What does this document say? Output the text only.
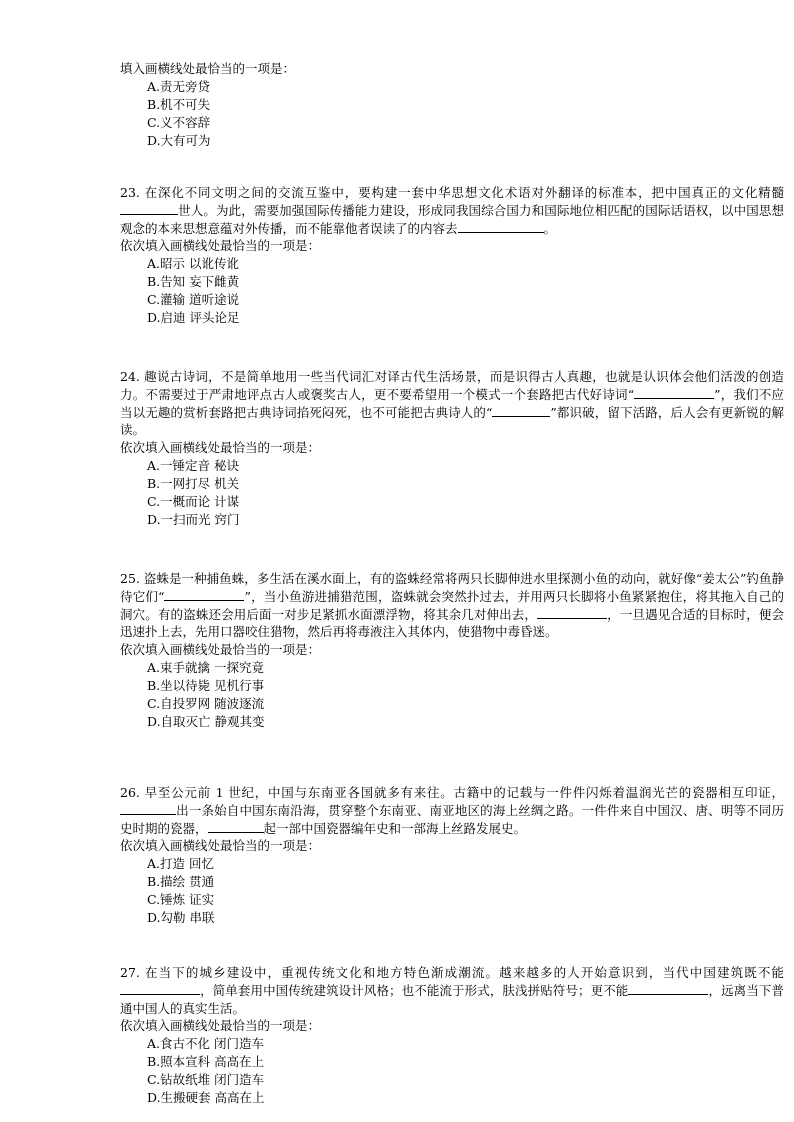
填入画横线处最恰当的一项是：
A.责无旁贷
B.机不可失
C.义不容辞
D.大有可为
23. 在深化不同文明之间的交流互鉴中，要构建一套中华思想文化术语对外翻译的标准本，把中国真正的文化精髓世人。为此，需要加强国际传播能力建设，形成同我国综合国力和国际地位相匹配的国际话语权，以中国思想观念的本来思想意蕴对外传播，而不能靠他者误读了的内容去	。
依次填入画横线处最恰当的一项是：
A.昭示 以讹传讹
B.告知 妄下雌黄
C.灌输 道听途说
D.启迪 评头论足
24. 趣说古诗词，不是简单地用一些当代词汇对译古代生活场景，而是识得古人真趣，也就是认识体会他们活泼的创造力。不需要过于严肃地评点古人或褒奖古人，更不要希望用一个模式一个套路把古代好诗词“	”，我们不应当以无趣的赏析套路把古典诗词掐死闷死，也不可能把古典诗人的“	”都识破，留下活路，后人会有更新锐的解读。
依次填入画横线处最恰当的一项是：
A.一锤定音 秘诀
B.一网打尽 机关
C.一概而论 计谋
D.一扫而光 窍门
25. 盗蛛是一种捕鱼蛛，多生活在溪水面上，有的盗蛛经常将两只长脚伸进水里探测小鱼的动向，就好像“姜太公”钓鱼静待它们“	”，当小鱼游进捕猎范围，盗蛛就会突然扑过去，并用两只长脚将小鱼紧紧抱住，将其拖入自己的洞穴。有的盗蛛还会用后面一对步足紧抓水面漂浮物，将其余几对伸出去，	，一旦遇见合适的目标时，便会迅速扑上去，先用口器咬住猎物，然后再将毒液注入其体内，使猎物中毒昏迷。
依次填入画横线处最恰当的一项是：
A.束手就擒 一探究竟
B.坐以待毙 见机行事
C.自投罗网 随波逐流
D.自取灭亡 静观其变
26. 早至公元前 1 世纪，中国与东南亚各国就多有来往。古籍中的记载与一件件闪烁着温润光芒的瓷器相互印证，出一条始自中国东南沿海，贯穿整个东南亚、南亚地区的海上丝绸之路。一件件来自中国汉、唐、明等不同历史时期的瓷器，	起一部中国瓷器编年史和一部海上丝路发展史。
依次填入画横线处最恰当的一项是：
A.打造 回忆
B.描绘 贯通
C.锤炼 证实
D.勾勒 串联
27. 在当下的城乡建设中，重视传统文化和地方特色渐成潮流。越来越多的人开始意识到，当代中国建筑既不能，简单套用中国传统建筑设计风格；也不能流于形式，肤浅拼贴符号；更不能	，远离当下普通中国人的真实生活。
依次填入画横线处最恰当的一项是：
A.食古不化 闭门造车
B.照本宣科 高高在上
C.钻故纸堆 闭门造车
D.生搬硬套 高高在上
